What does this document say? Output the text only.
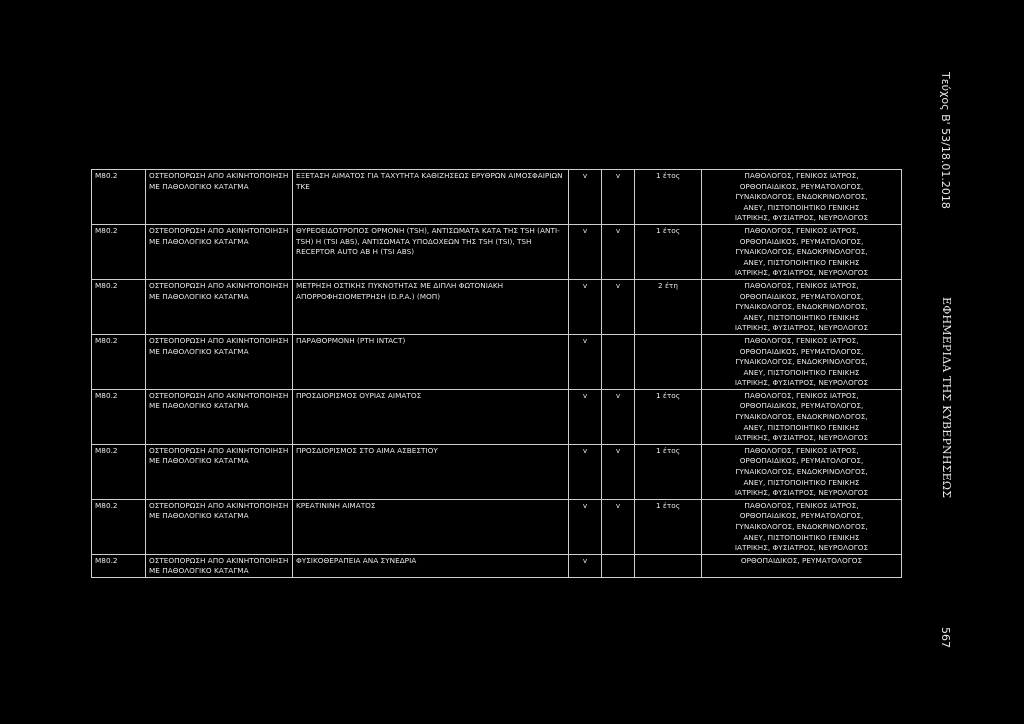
Τεύχος Β' 53/18.01.2018
ΕΦΗΜΕΡΙΔΑ ΤΗΣ ΚΥΒΕΡΝΗΣΕΩΣ
567
M80.2	ΟΣΤΕΟΠΟΡΩΣΗ ΑΠΟ ΑΚΙΝΗΤΟΠΟΙΗΣΗ ΜΕ ΠΑΘΟΛΟΓΙΚΟ ΚΑΤΑΓΜΑ	ΕΞΕΤΑΣΗ ΑΙΜΑΤΟΣ ΓΙΑ ΤΑΧΥΤΗΤΑ ΚΑΘΙΖΗΣΕΩΣ ΕΡΥΘΡΩΝ ΑΙΜΟΣΦΑΙΡΙΩΝ ΤΚΕ	v	v	1 έτος	ΠΑΘΟΛΟΓΟΣ, ΓΕΝΙΚΟΣ ΙΑΤΡΟΣ,
ΟΡΘΟΠΑΙΔΙΚΟΣ, ΡΕΥΜΑΤΟΛΟΓΟΣ,
ΓΥΝΑΙΚΟΛΟΓΟΣ, ΕΝΔΟΚΡΙΝΟΛΟΓΟΣ,
ΑΝΕΥ, ΠΙΣΤΟΠΟΙΗΤΙΚΟ ΓΕΝΙΚΗΣ
ΙΑΤΡΙΚΗΣ, ΦΥΣΙΑΤΡΟΣ, ΝΕΥΡΟΛΟΓΟΣ
M80.2	ΟΣΤΕΟΠΟΡΩΣΗ ΑΠΟ ΑΚΙΝΗΤΟΠΟΙΗΣΗ ΜΕ ΠΑΘΟΛΟΓΙΚΟ ΚΑΤΑΓΜΑ	ΘΥΡΕΟΕΙΔΟΤΡΟΠΟΣ ΟΡΜΟΝΗ (TSH), ΑΝΤΙΣΩΜΑΤΑ ΚΑΤΑ ΤΗΣ TSH (ANTI-TSH) Η (TSI ABS), ΑΝΤΙΣΩΜΑΤΑ ΥΠΟΔΟΧΕΩΝ ΤΗΣ TSH (TSI), TSH RECEPTOR AUTO AB Η (TSI ABS)	v	v	1 έτος	ΠΑΘΟΛΟΓΟΣ, ΓΕΝΙΚΟΣ ΙΑΤΡΟΣ,
ΟΡΘΟΠΑΙΔΙΚΟΣ, ΡΕΥΜΑΤΟΛΟΓΟΣ,
ΓΥΝΑΙΚΟΛΟΓΟΣ, ΕΝΔΟΚΡΙΝΟΛΟΓΟΣ,
ΑΝΕΥ, ΠΙΣΤΟΠΟΙΗΤΙΚΟ ΓΕΝΙΚΗΣ
ΙΑΤΡΙΚΗΣ, ΦΥΣΙΑΤΡΟΣ, ΝΕΥΡΟΛΟΓΟΣ
M80.2	ΟΣΤΕΟΠΟΡΩΣΗ ΑΠΟ ΑΚΙΝΗΤΟΠΟΙΗΣΗ ΜΕ ΠΑΘΟΛΟΓΙΚΟ ΚΑΤΑΓΜΑ	ΜΕΤΡΗΣΗ ΟΣΤΙΚΗΣ ΠΥΚΝΟΤΗΤΑΣ ΜΕ ΔΙΠΛΗ ΦΩΤΟΝΙΑΚΗ ΑΠΟΡΡΟΦΗΣΙΟΜΕΤΡΗΣΗ (D.P.A.) (ΜΟΠ)	v	v	2 έτη	ΠΑΘΟΛΟΓΟΣ, ΓΕΝΙΚΟΣ ΙΑΤΡΟΣ,
ΟΡΘΟΠΑΙΔΙΚΟΣ, ΡΕΥΜΑΤΟΛΟΓΟΣ,
ΓΥΝΑΙΚΟΛΟΓΟΣ, ΕΝΔΟΚΡΙΝΟΛΟΓΟΣ,
ΑΝΕΥ, ΠΙΣΤΟΠΟΙΗΤΙΚΟ ΓΕΝΙΚΗΣ
ΙΑΤΡΙΚΗΣ, ΦΥΣΙΑΤΡΟΣ, ΝΕΥΡΟΛΟΓΟΣ
M80.2	ΟΣΤΕΟΠΟΡΩΣΗ ΑΠΟ ΑΚΙΝΗΤΟΠΟΙΗΣΗ ΜΕ ΠΑΘΟΛΟΓΙΚΟ ΚΑΤΑΓΜΑ	ΠΑΡΑΘΟΡΜΟΝΗ (PTH INTACT)	v			ΠΑΘΟΛΟΓΟΣ, ΓΕΝΙΚΟΣ ΙΑΤΡΟΣ,
ΟΡΘΟΠΑΙΔΙΚΟΣ, ΡΕΥΜΑΤΟΛΟΓΟΣ,
ΓΥΝΑΙΚΟΛΟΓΟΣ, ΕΝΔΟΚΡΙΝΟΛΟΓΟΣ,
ΑΝΕΥ, ΠΙΣΤΟΠΟΙΗΤΙΚΟ ΓΕΝΙΚΗΣ
ΙΑΤΡΙΚΗΣ, ΦΥΣΙΑΤΡΟΣ, ΝΕΥΡΟΛΟΓΟΣ
M80.2	ΟΣΤΕΟΠΟΡΩΣΗ ΑΠΟ ΑΚΙΝΗΤΟΠΟΙΗΣΗ ΜΕ ΠΑΘΟΛΟΓΙΚΟ ΚΑΤΑΓΜΑ	ΠΡΟΣΔΙΟΡΙΣΜΟΣ ΟΥΡΙΑΣ ΑΙΜΑΤΟΣ	v	v	1 έτος	ΠΑΘΟΛΟΓΟΣ, ΓΕΝΙΚΟΣ ΙΑΤΡΟΣ,
ΟΡΘΟΠΑΙΔΙΚΟΣ, ΡΕΥΜΑΤΟΛΟΓΟΣ,
ΓΥΝΑΙΚΟΛΟΓΟΣ, ΕΝΔΟΚΡΙΝΟΛΟΓΟΣ,
ΑΝΕΥ, ΠΙΣΤΟΠΟΙΗΤΙΚΟ ΓΕΝΙΚΗΣ
ΙΑΤΡΙΚΗΣ, ΦΥΣΙΑΤΡΟΣ, ΝΕΥΡΟΛΟΓΟΣ
M80.2	ΟΣΤΕΟΠΟΡΩΣΗ ΑΠΟ ΑΚΙΝΗΤΟΠΟΙΗΣΗ ΜΕ ΠΑΘΟΛΟΓΙΚΟ ΚΑΤΑΓΜΑ	ΠΡΟΣΔΙΟΡΙΣΜΟΣ ΣΤΟ ΑΙΜΑ ΑΣΒΕΣΤΙΟΥ	v	v	1 έτος	ΠΑΘΟΛΟΓΟΣ, ΓΕΝΙΚΟΣ ΙΑΤΡΟΣ,
ΟΡΘΟΠΑΙΔΙΚΟΣ, ΡΕΥΜΑΤΟΛΟΓΟΣ,
ΓΥΝΑΙΚΟΛΟΓΟΣ, ΕΝΔΟΚΡΙΝΟΛΟΓΟΣ,
ΑΝΕΥ, ΠΙΣΤΟΠΟΙΗΤΙΚΟ ΓΕΝΙΚΗΣ
ΙΑΤΡΙΚΗΣ, ΦΥΣΙΑΤΡΟΣ, ΝΕΥΡΟΛΟΓΟΣ
M80.2	ΟΣΤΕΟΠΟΡΩΣΗ ΑΠΟ ΑΚΙΝΗΤΟΠΟΙΗΣΗ ΜΕ ΠΑΘΟΛΟΓΙΚΟ ΚΑΤΑΓΜΑ	ΚΡΕΑΤΙΝΙΝΗ ΑΙΜΑΤΟΣ	v	v	1 έτος	ΠΑΘΟΛΟΓΟΣ, ΓΕΝΙΚΟΣ ΙΑΤΡΟΣ,
ΟΡΘΟΠΑΙΔΙΚΟΣ, ΡΕΥΜΑΤΟΛΟΓΟΣ,
ΓΥΝΑΙΚΟΛΟΓΟΣ, ΕΝΔΟΚΡΙΝΟΛΟΓΟΣ,
ΑΝΕΥ, ΠΙΣΤΟΠΟΙΗΤΙΚΟ ΓΕΝΙΚΗΣ
ΙΑΤΡΙΚΗΣ, ΦΥΣΙΑΤΡΟΣ, ΝΕΥΡΟΛΟΓΟΣ
M80.2	ΟΣΤΕΟΠΟΡΩΣΗ ΑΠΟ ΑΚΙΝΗΤΟΠΟΙΗΣΗ ΜΕ ΠΑΘΟΛΟΓΙΚΟ ΚΑΤΑΓΜΑ	ΦΥΣΙΚΟΘΕΡΑΠΕΙΑ ΑΝΑ ΣΥΝΕΔΡΙΑ	v			ΟΡΘΟΠΑΙΔΙΚΟΣ, ΡΕΥΜΑΤΟΛΟΓΟΣ
